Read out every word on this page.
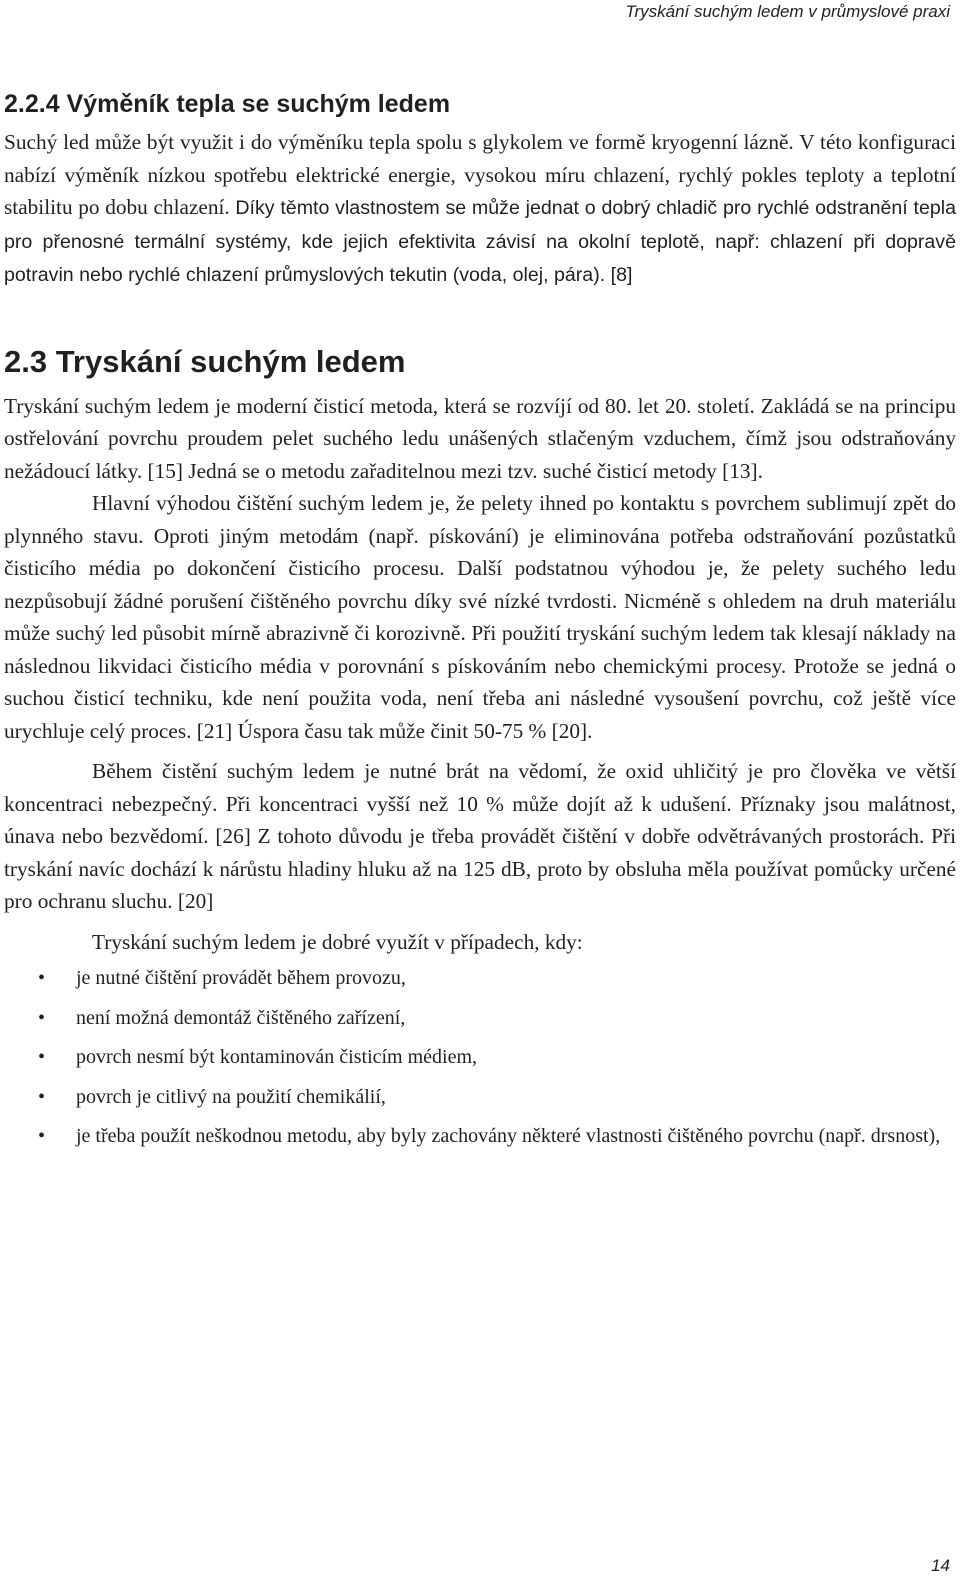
Tryskání suchým ledem v průmyslové praxi
2.2.4 Výměník tepla se suchým ledem

Suchý led může být využit i do výměníku tepla spolu s glykolem ve formě kryogenní lázně. V této konfiguraci nabízí výměník nízkou spotřebu elektrické energie, vysokou míru chlazení, rychlý pokles teploty a teplotní stabilitu po dobu chlazení. Díky těmto vlastnostem se může jednat o dobrý chladič pro rychlé odstranění tepla pro přenosné termální systémy, kde jejich efektivita závisí na okolní teplotě, např: chlazení při dopravě potravin nebo rychlé chlazení průmyslových tekutin (voda, olej, pára). [8]

2.3 Tryskání suchým ledem

Tryskání suchým ledem je moderní čisticí metoda, která se rozvíjí od 80. let 20. století. Zakládá se na principu ostřelování povrchu proudem pelet suchého ledu unášených stlačeným vzduchem, čímž jsou odstraňovány nežádoucí látky. [15] Jedná se o metodu zařaditelnou mezi tzv. suché čisticí metody [13].

Hlavní výhodou čištění suchým ledem je, že pelety ihned po kontaktu s povrchem sublimují zpět do plynného stavu. Oproti jiným metodám (např. pískování) je eliminována potřeba odstraňování pozůstatků čisticího média po dokončení čisticího procesu. Další podstatnou výhodou je, že pelety suchého ledu nezpůsobují žádné porušení čištěného povrchu díky své nízké tvrdosti. Nicméně s ohledem na druh materiálu může suchý led působit mírně abrazivně či korozivně. Při použití tryskání suchým ledem tak klesají náklady na následnou likvidaci čisticího média v porovnání s pískováním nebo chemickými procesy. Protože se jedná o suchou čisticí techniku, kde není použita voda, není třeba ani následné vysoušení povrchu, což ještě více urychluje celý proces. [21] Úspora času tak může činit 50-75 % [20].

Během čistění suchým ledem je nutné brát na vědomí, že oxid uhličitý je pro člověka ve větší koncentraci nebezpečný. Při koncentraci vyšší než 10 % může dojít až k udušení. Příznaky jsou malátnost, únava nebo bezvědomí. [26] Z tohoto důvodu je třeba provádět čištění v dobře odvětrávaných prostorách. Při tryskání navíc dochází k nárůstu hladiny hluku až na 125 dB, proto by obsluha měla používat pomůcky určené pro ochranu sluchu. [20]

Tryskání suchým ledem je dobré využít v případech, kdy:

• je nutné čištění provádět během provozu,
• není možná demontáž čištěného zařízení,
• povrch nesmí být kontaminován čisticím médiem,
• povrch je citlivý na použití chemikálií,
• je třeba použít neškodnou metodu, aby byly zachovány některé vlastnosti čištěného povrchu (např. drsnost),
14
